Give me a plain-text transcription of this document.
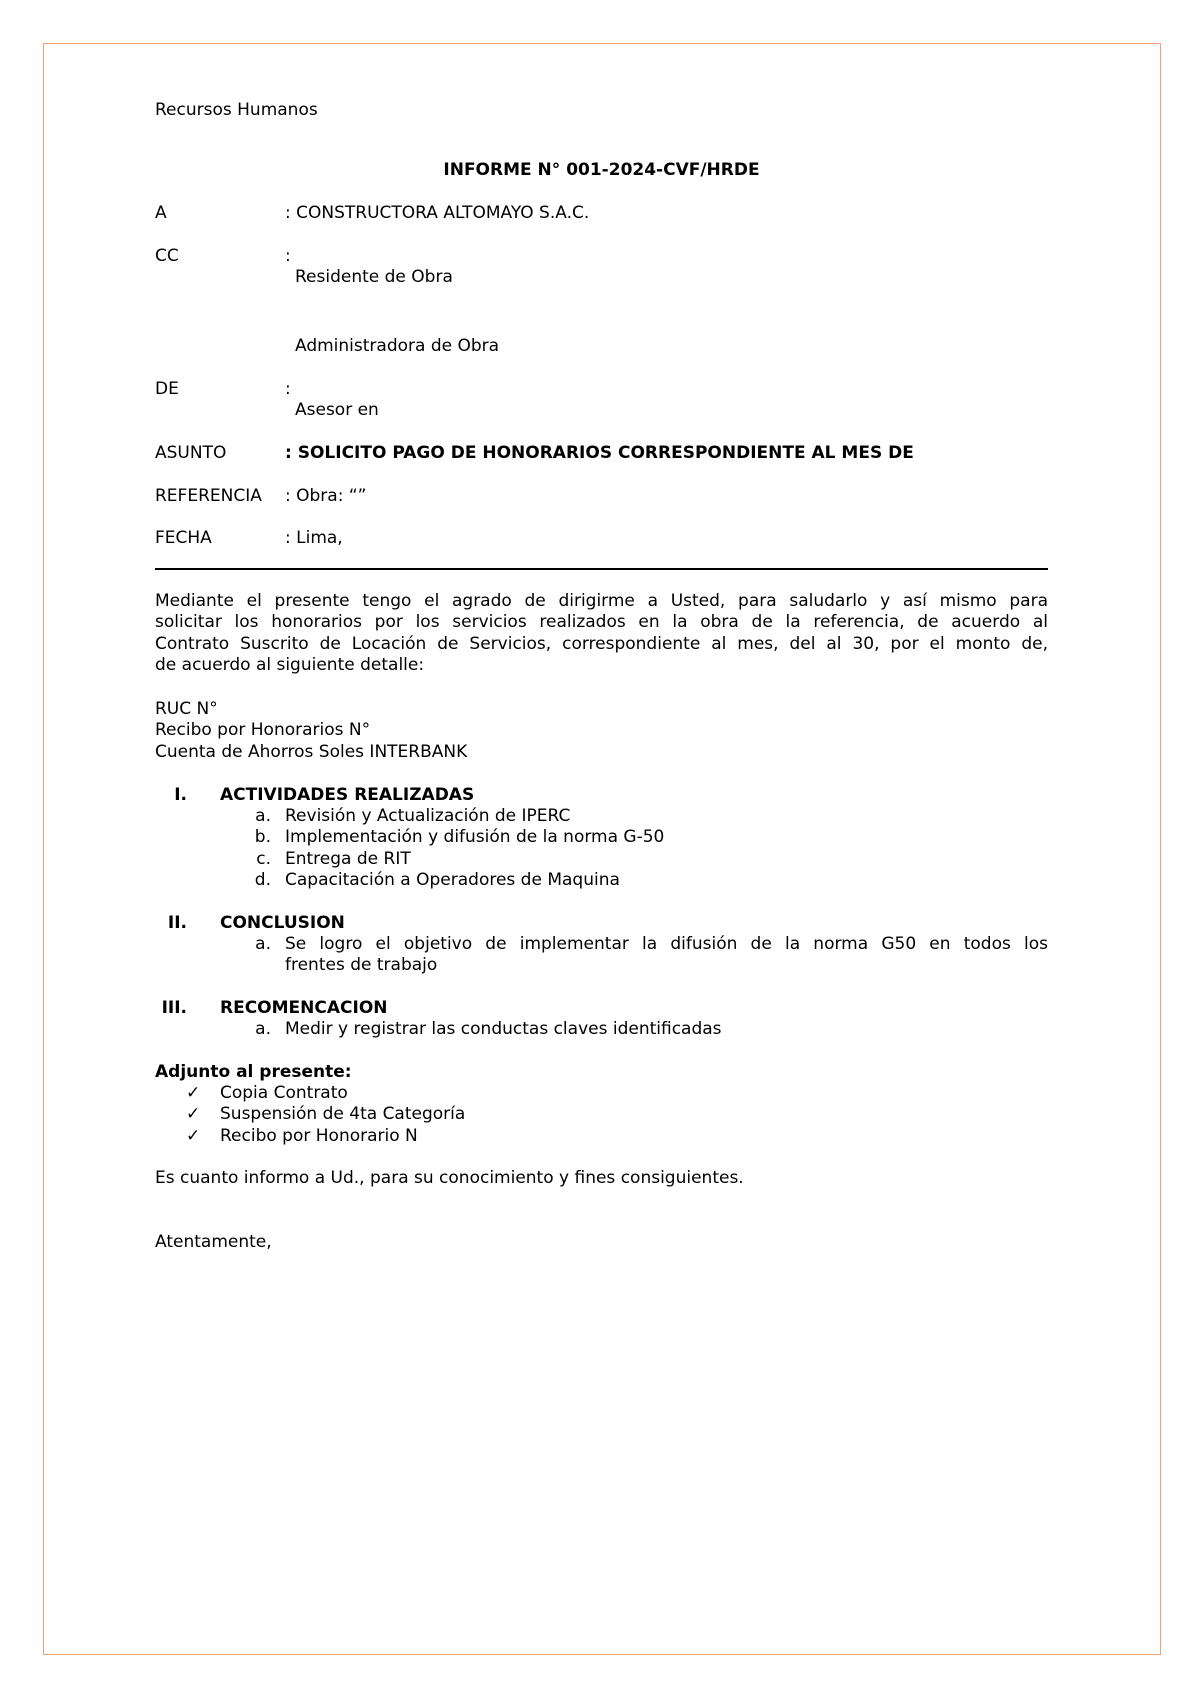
Recursos Humanos
INFORME N° 001-2024-CVF/HRDE
A	: CONSTRUCTORA ALTOMAYO S.A.C.
CC	:
Residente de Obra
Administradora de Obra
DE	:
Asesor en
ASUNTO	: SOLICITO PAGO DE HONORARIOS CORRESPONDIENTE AL MES DE
REFERENCIA : Obra: “”
FECHA	: Lima,
Mediante el presente tengo el agrado de dirigirme a Usted, para saludarlo y así mismo para
solicitar los honorarios por los servicios realizados en la obra de la referencia, de acuerdo al
Contrato Suscrito de Locación de Servicios, correspondiente al mes, del al 30, por el monto de,
de acuerdo al siguiente detalle:
RUC N°
Recibo por Honorarios N°
Cuenta de Ahorros Soles INTERBANK
I. ACTIVIDADES REALIZADAS
a. Revisión y Actualización de IPERC
b. Implementación y difusión de la norma G-50
c. Entrega de RIT
d. Capacitación a Operadores de Maquina
II. CONCLUSION
a. Se logro el objetivo de implementar la difusión de la norma G50 en todos los
frentes de trabajo
III. RECOMENCACION
a. Medir y registrar las conductas claves identificadas
Adjunto al presente:
✓ Copia Contrato
✓ Suspensión de 4ta Categoría
✓ Recibo por Honorario N
Es cuanto informo a Ud., para su conocimiento y fines consiguientes.
Atentamente,
